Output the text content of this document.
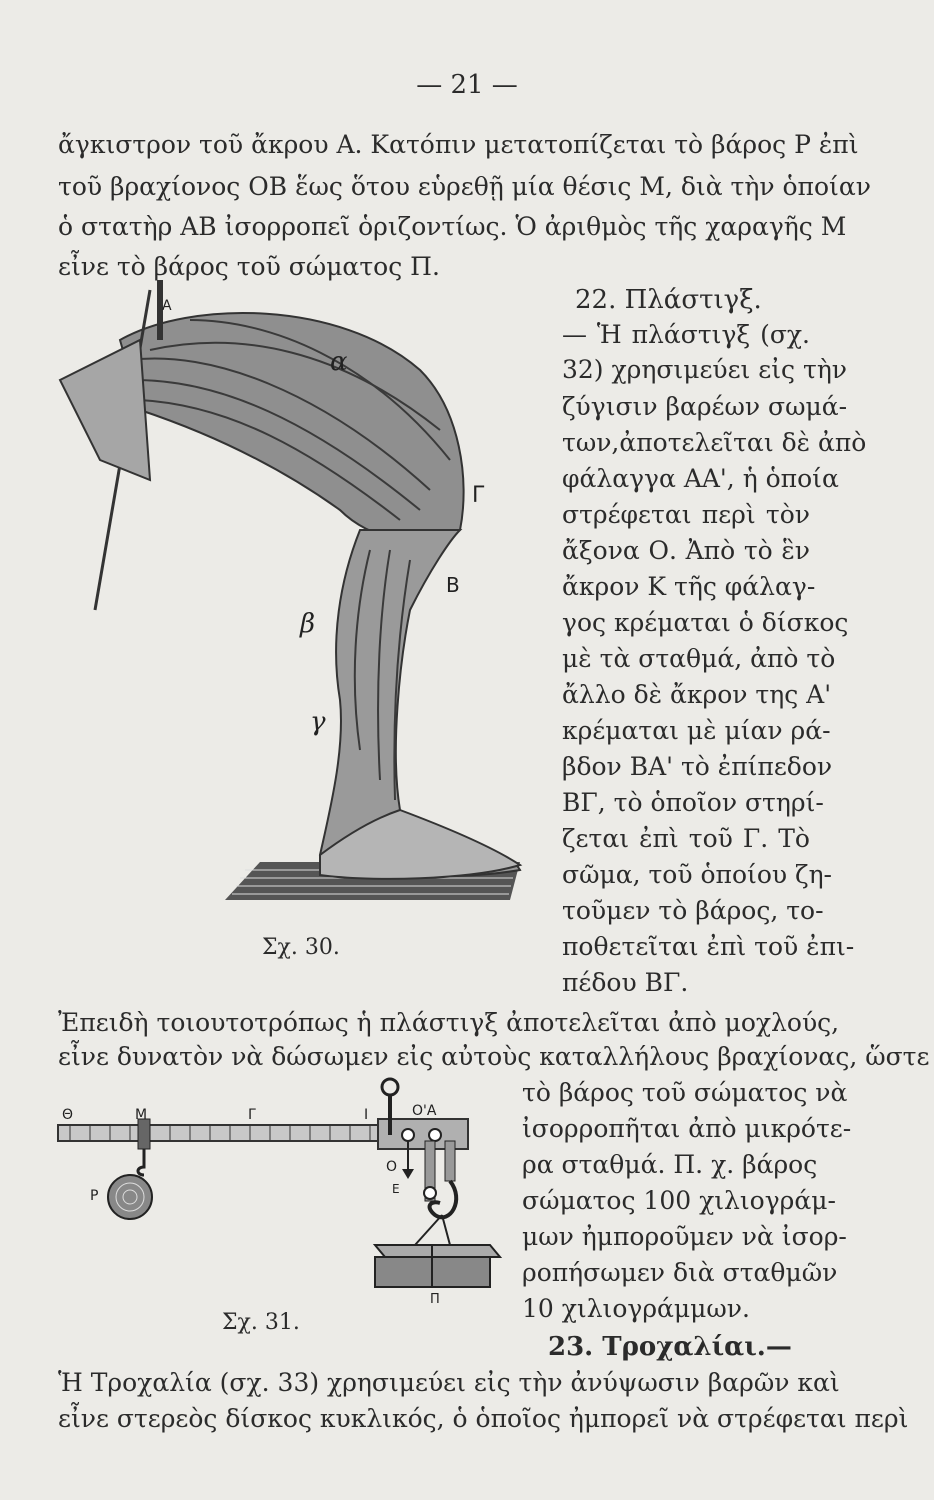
— 21 —
ἄγκιστρον τοῦ ἄκρου Α. Κατόπιν μετατοπίζεται τὸ βάρος Ρ ἐπὶ
τοῦ βραχίονος ΟΒ ἕως ὅτου εὑρεθῇ μία θέσις Μ, διὰ τὴν ὁποίαν
ὁ στατὴρ ΑΒ ἰσορροπεῖ ὁριζοντίως. Ὁ ἀριθμὸς τῆς χαραγῆς Μ
εἶνε τὸ βάρος τοῦ σώματος Π.
Α
α
Γ
Β
β
γ
Σχ. 30.
22. Πλάστιγξ.
— Ἡ πλάστιγξ (σχ.
32) χρησιμεύει εἰς τὴν
ζύγισιν βαρέων σωμά-
των,ἀποτελεῖται δὲ ἀπὸ
φάλαγγα ΑΑ', ἡ ὁποία
στρέφεται περὶ τὸν
ἄξονα Ο. Ἀπὸ τὸ ἓν
ἄκρον Κ τῆς φάλαγ-
γος κρέμαται ὁ δίσκος
μὲ τὰ σταθμά, ἀπὸ τὸ
ἄλλο δὲ ἄκρον της Α'
κρέμαται μὲ μίαν ρά-
βδον ΒΑ' τὸ ἐπίπεδον
ΒΓ, τὸ ὁποῖον στηρί-
ζεται ἐπὶ τοῦ Γ. Τὸ
σῶμα, τοῦ ὁποίου ζη-
τοῦμεν τὸ βάρος, το-
ποθετεῖται ἐπὶ τοῦ ἐπι-
πέδου ΒΓ.
Ἐπειδὴ τοιουτοτρόπως ἡ πλάστιγξ ἀποτελεῖται ἀπὸ μοχλούς,
εἶνε δυνατὸν νὰ δώσωμεν εἰς αὐτοὺς καταλλήλους βραχίονας, ὥστε
Θ	Μ	Γ	Ι	Ο'Α
Ο
Ε
Ρ
Π
Σχ. 31.
τὸ βάρος τοῦ σώματος νὰ
ἰσορροπῆται ἀπὸ μικρότε-
ρα σταθμά. Π. χ. βάρος
σώματος 100 χιλιογράμ-
μων ἠμποροῦμεν νὰ ἰσορ-
ροπήσωμεν διὰ σταθμῶν
10 χιλιογράμμων.
23. Τροχαλίαι.—
Ἡ Τροχαλία (σχ. 33) χρησιμεύει εἰς τὴν ἀνύψωσιν βαρῶν καὶ
εἶνε στερεὸς δίσκος κυκλικός, ὁ ὁποῖος ἠμπορεῖ νὰ στρέφεται περὶ
